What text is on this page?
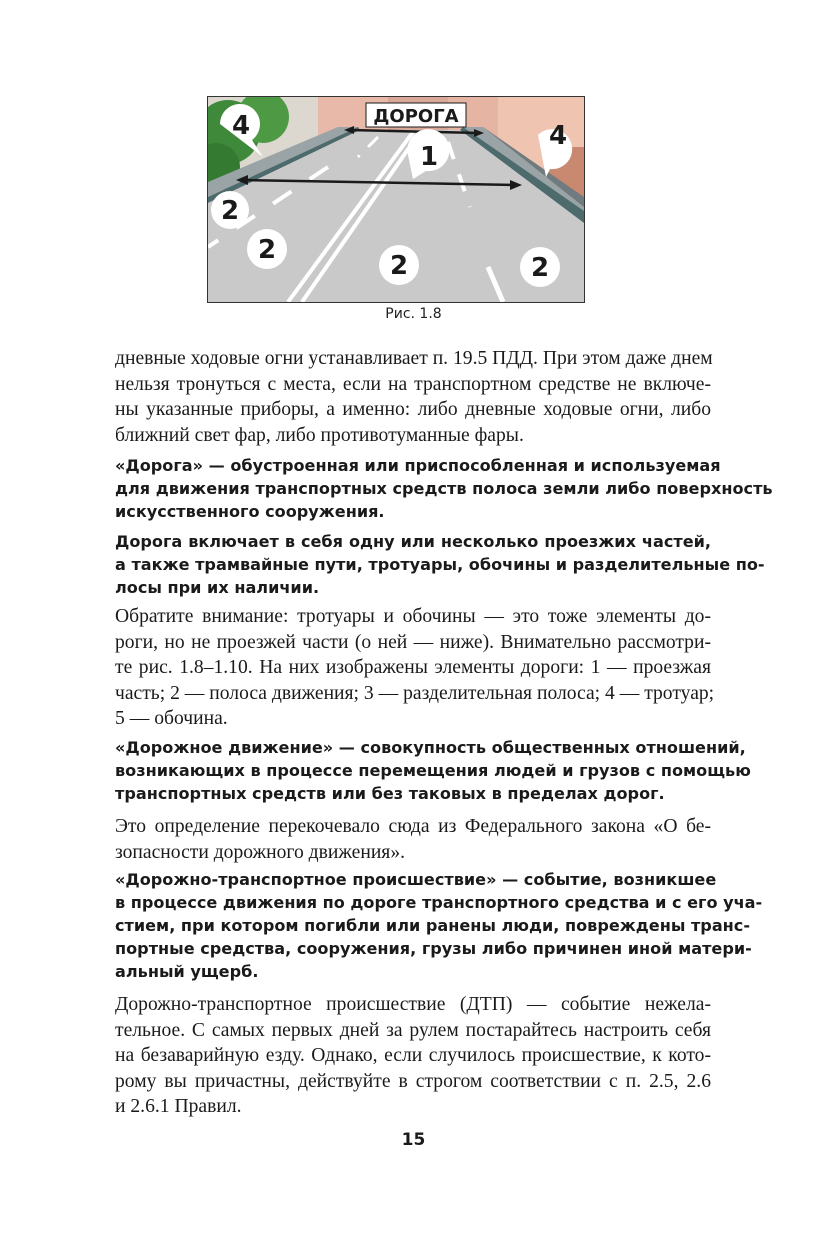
ДОРОГА
1
4	4
2
2
2	2
Рис. 1.8

дневные ходовые огни устанавливает п. 19.5 ПДД. При этом даже днем
нельзя тронуться с места, если на транспортном средстве не включе-
ны указанные приборы, а именно: либо дневные ходовые огни, либо
ближний свет фар, либо противотуманные фары.

«Дорога» — обустроенная или приспособленная и используемая
для движения транспортных средств полоса земли либо поверхность
искусственного сооружения.

Дорога включает в себя одну или несколько проезжих частей,
а также трамвайные пути, тротуары, обочины и разделительные по-
лосы при их наличии.

Обратите внимание: тротуары и обочины — это тоже элементы до-
роги, но не проезжей части (о ней — ниже). Внимательно рассмотри-
те рис. 1.8–1.10. На них изображены элементы дороги: 1 — проезжая
часть; 2 — полоса движения; 3 — разделительная полоса; 4 — тротуар;
5 — обочина.

«Дорожное движение» — совокупность общественных отношений,
возникающих в процессе перемещения людей и грузов с помощью
транспортных средств или без таковых в пределах дорог.

Это определение перекочевало сюда из Федерального закона «О бе-
зопасности дорожного движения».

«Дорожно-транспортное происшествие» — событие, возникшее
в процессе движения по дороге транспортного средства и с его уча-
стием, при котором погибли или ранены люди, повреждены транс-
портные средства, сооружения, грузы либо причинен иной матери-
альный ущерб.

Дорожно-транспортное происшествие (ДТП) — событие нежела-
тельное. С самых первых дней за рулем постарайтесь настроить себя
на безаварийную езду. Однако, если случилось происшествие, к кото-
рому вы причастны, действуйте в строгом соответствии с п. 2.5, 2.6
и 2.6.1 Правил.

15
